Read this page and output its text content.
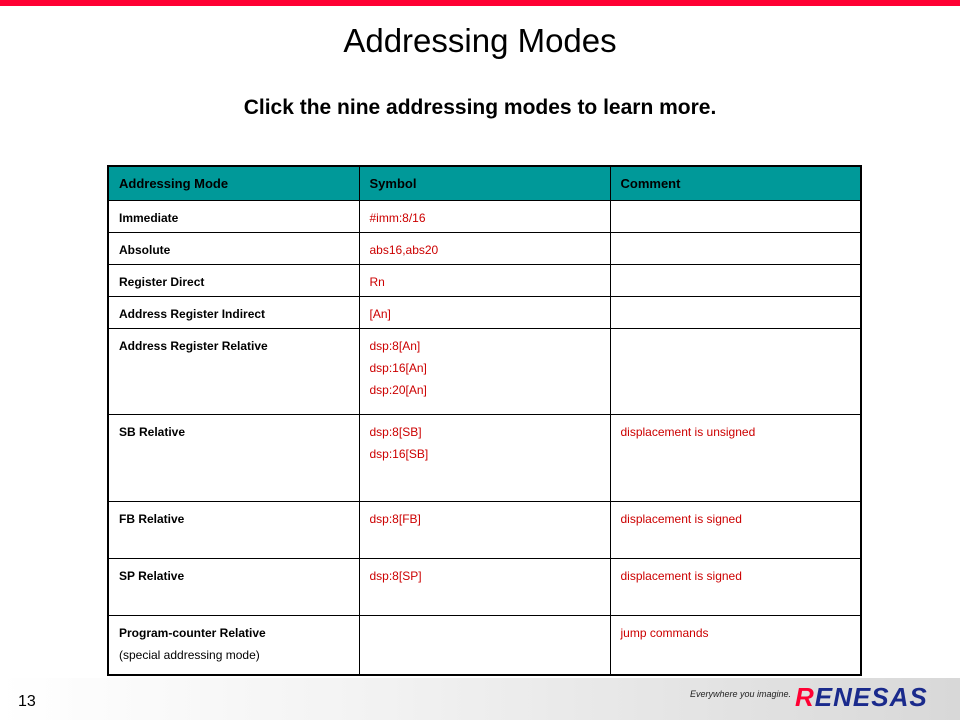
Addressing Modes
Click the nine addressing modes to learn more.
Addressing Mode	Symbol	Comment

Immediate	#imm:8/16	

Absolute	abs16,abs20	

Register Direct	Rn	

Address Register Indirect	[An]	

Address Register Relative	dsp:8[An]
dsp:16[An]
dsp:20[An]	

SB Relative	dsp:8[SB]
dsp:16[SB]	displacement is unsigned

FB Relative	dsp:8[FB]	displacement is signed

SP Relative	dsp:8[SP]	displacement is signed

Program-counter Relative
(special addressing mode)		jump commands
13	Everywhere you imagine. RENESAS
